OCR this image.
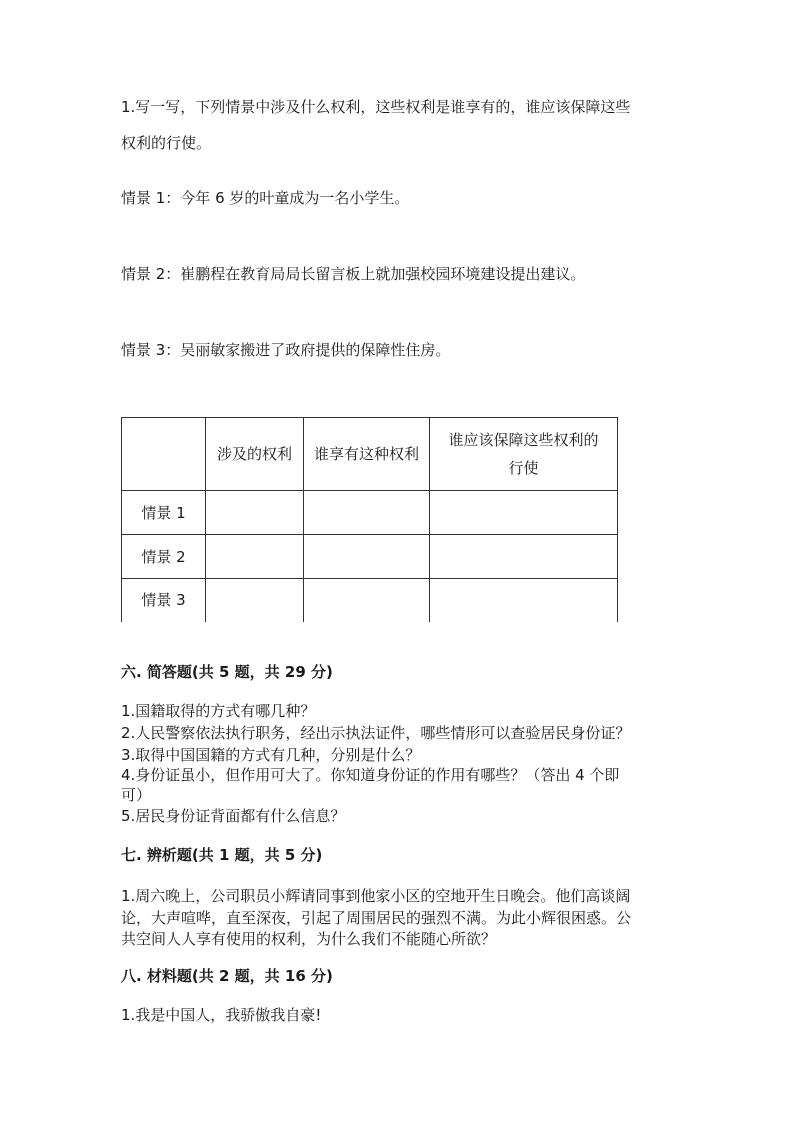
1.写一写，下列情景中涉及什么权利，这些权利是谁享有的，谁应该保障这些
权利的行使。
情景 1：今年 6 岁的叶童成为一名小学生。
情景 2：崔鹏程在教育局局长留言板上就加强校园环境建设提出建议。
情景 3：吴丽敏家搬进了政府提供的保障性住房。
	涉及的权利	谁享有这种权利	谁应该保障这些权利的
行使

情景 1			
情景 2			
情景 3			
六. 简答题(共 5 题，共 29 分)
1.国籍取得的方式有哪几种？
2.人民警察依法执行职务，经出示执法证件，哪些情形可以查验居民身份证？
3.取得中国国籍的方式有几种，分别是什么？
4.身份证虽小，但作用可大了。你知道身份证的作用有哪些？（答出 4 个即
可）
5.居民身份证背面都有什么信息？
七. 辨析题(共 1 题，共 5 分)
1.周六晚上，公司职员小辉请同事到他家小区的空地开生日晚会。他们高谈阔
论，大声喧哗，直至深夜，引起了周围居民的强烈不满。为此小辉很困惑。公
共空间人人享有使用的权利，为什么我们不能随心所欲？
八. 材料题(共 2 题，共 16 分)
1.我是中国人，我骄傲我自豪!
